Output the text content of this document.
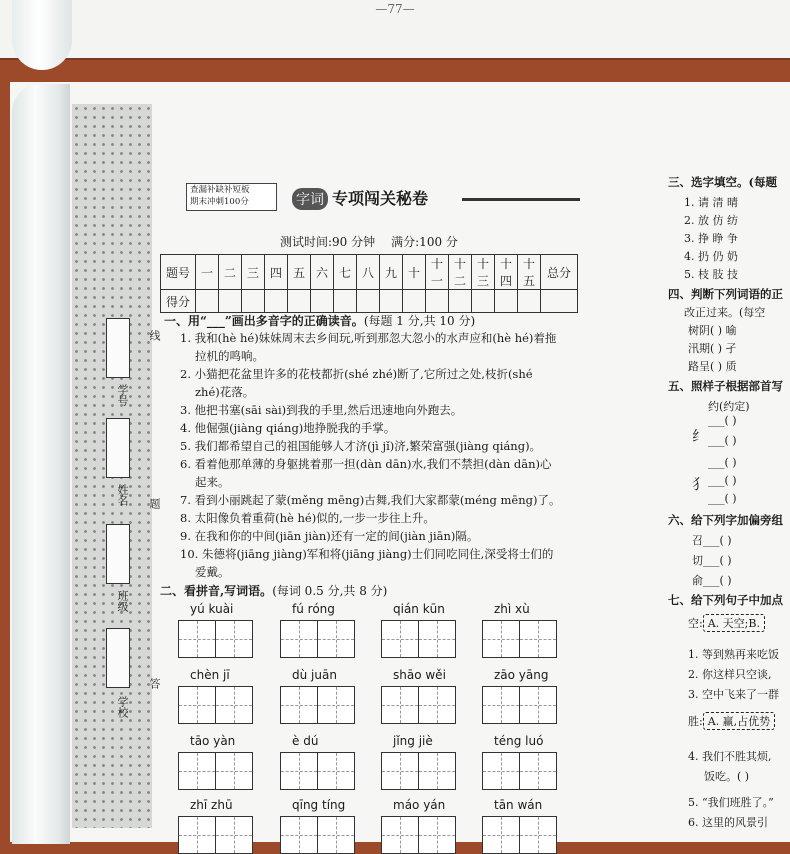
—77—
学号
姓名
班级
学校
线
题
答
查漏补缺补短板
期末冲刺100分	字词 专项闯关秘卷
测试时间:90 分钟 满分:100 分
题号	一	二	三	四	五	六	七	八	九	十	十一	十二	十三	十四	十五	总分
得分																
一、用“___”画出多音字的正确读音。(每题 1 分,共 10 分)
1. 我和(hè hé)妹妹周末去乡间玩,听到那忽大忽小的水声应和(hè hé)着拖
拉机的鸣响。
2. 小猫把花盆里许多的花枝都折(shé zhé)断了,它所过之处,枝折(shé
zhé)花落。
3. 他把书塞(sāi sài)到我的手里,然后迅速地向外跑去。
4. 他倔强(jiàng qiáng)地挣脱我的手掌。
5. 我们都希望自己的祖国能够人才济(jì jǐ)济,繁荣富强(jiàng qiáng)。
6. 看着他那单薄的身躯挑着那一担(dàn dān)水,我们不禁担(dàn dān)心
起来。
7. 看到小丽跳起了蒙(měng mēng)古舞,我们大家都蒙(méng mēng)了。
8. 太阳像负着重荷(hè hé)似的,一步一步往上升。
9. 在我和你的中间(jiān jiàn)还有一定的间(jiàn jiān)隔。
10. 朱德将(jiāng jiàng)军和将(jiāng jiàng)士们同吃同住,深受将士们的
爱戴。
二、看拼音,写词语。(每词 0.5 分,共 8 分)
yú kuài	fú róng	qián kūn	zhì xù
chèn jī	dù juān	shāo wěi	zāo yāng
tāo yàn	è dú	jǐng jiè	téng luó
zhī zhū	qīng tíng	máo yán	tān wán
三、选字填空。(每题
1. 请 清 晴
2. 放 仿 纺
3. 挣 睁 争
4. 扔 仍 奶
5. 枝 肢 技
四、判断下列词语的正
改正过来。(每空
树阴( ) 喻
汛期( ) 孑
路呈( ) 质
五、照样子根据部首写
约(约定)
纟
___( )
___( )
犭
___( )
___( )
___( )
六、给下列字加偏旁组
召___( )
切___( )
俞___( )
七、给下列句子中加点
空: A. 天空;B.
1. 等到熟再来吃饭
2. 你这样只空谈,
3. 空中飞来了一群
胜: A. 赢,占优势
4. 我们不胜其烦,
饭吃。( )
5. “我们班胜了。”
6. 这里的风景引
